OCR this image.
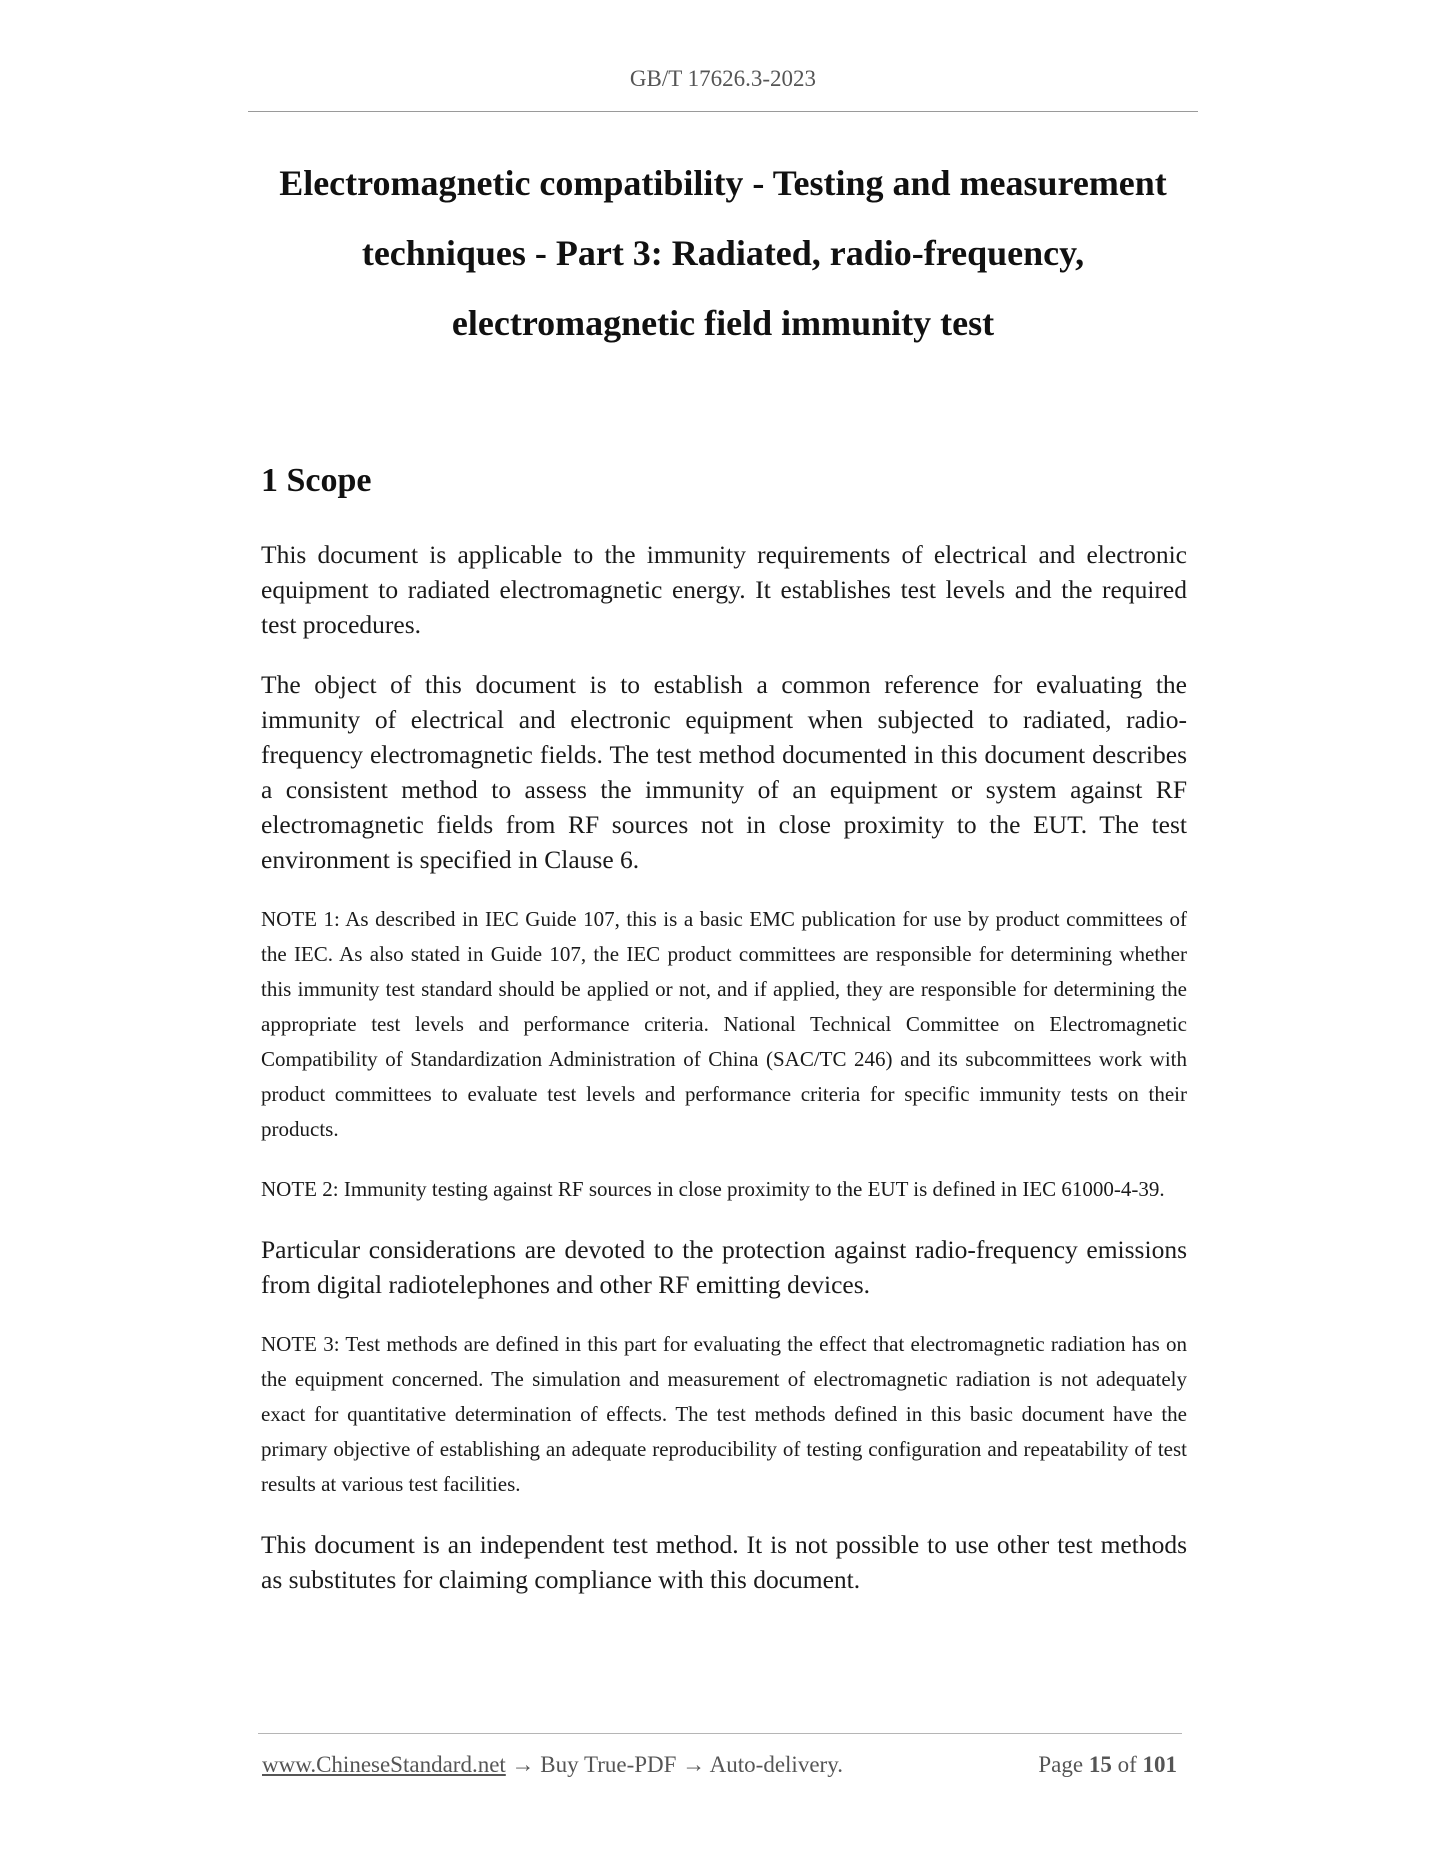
GB/T 17626.3-2023
Electromagnetic compatibility - Testing and measurement
techniques - Part 3: Radiated, radio-frequency,
electromagnetic field immunity test
1 Scope

This document is applicable to the immunity requirements of electrical and electronic equipment to radiated electromagnetic energy. It establishes test levels and the required test procedures.

The object of this document is to establish a common reference for evaluating the immunity of electrical and electronic equipment when subjected to radiated, radio-frequency electromagnetic fields. The test method documented in this document describes a consistent method to assess the immunity of an equipment or system against RF electromagnetic fields from RF sources not in close proximity to the EUT. The test environment is specified in Clause 6.

NOTE 1: As described in IEC Guide 107, this is a basic EMC publication for use by product committees of the IEC. As also stated in Guide 107, the IEC product committees are responsible for determining whether this immunity test standard should be applied or not, and if applied, they are responsible for determining the appropriate test levels and performance criteria. National Technical Committee on Electromagnetic Compatibility of Standardization Administration of China (SAC/TC 246) and its subcommittees work with product committees to evaluate test levels and performance criteria for specific immunity tests on their products.

NOTE 2: Immunity testing against RF sources in close proximity to the EUT is defined in IEC 61000-4-39.

Particular considerations are devoted to the protection against radio-frequency emissions from digital radiotelephones and other RF emitting devices.

NOTE 3: Test methods are defined in this part for evaluating the effect that electromagnetic radiation has on the equipment concerned. The simulation and measurement of electromagnetic radiation is not adequately exact for quantitative determination of effects. The test methods defined in this basic document have the primary objective of establishing an adequate reproducibility of testing configuration and repeatability of test results at various test facilities.

This document is an independent test method. It is not possible to use other test methods as substitutes for claiming compliance with this document.

www.ChineseStandard.net → Buy True-PDF → Auto-delivery.	Page 15 of 101
